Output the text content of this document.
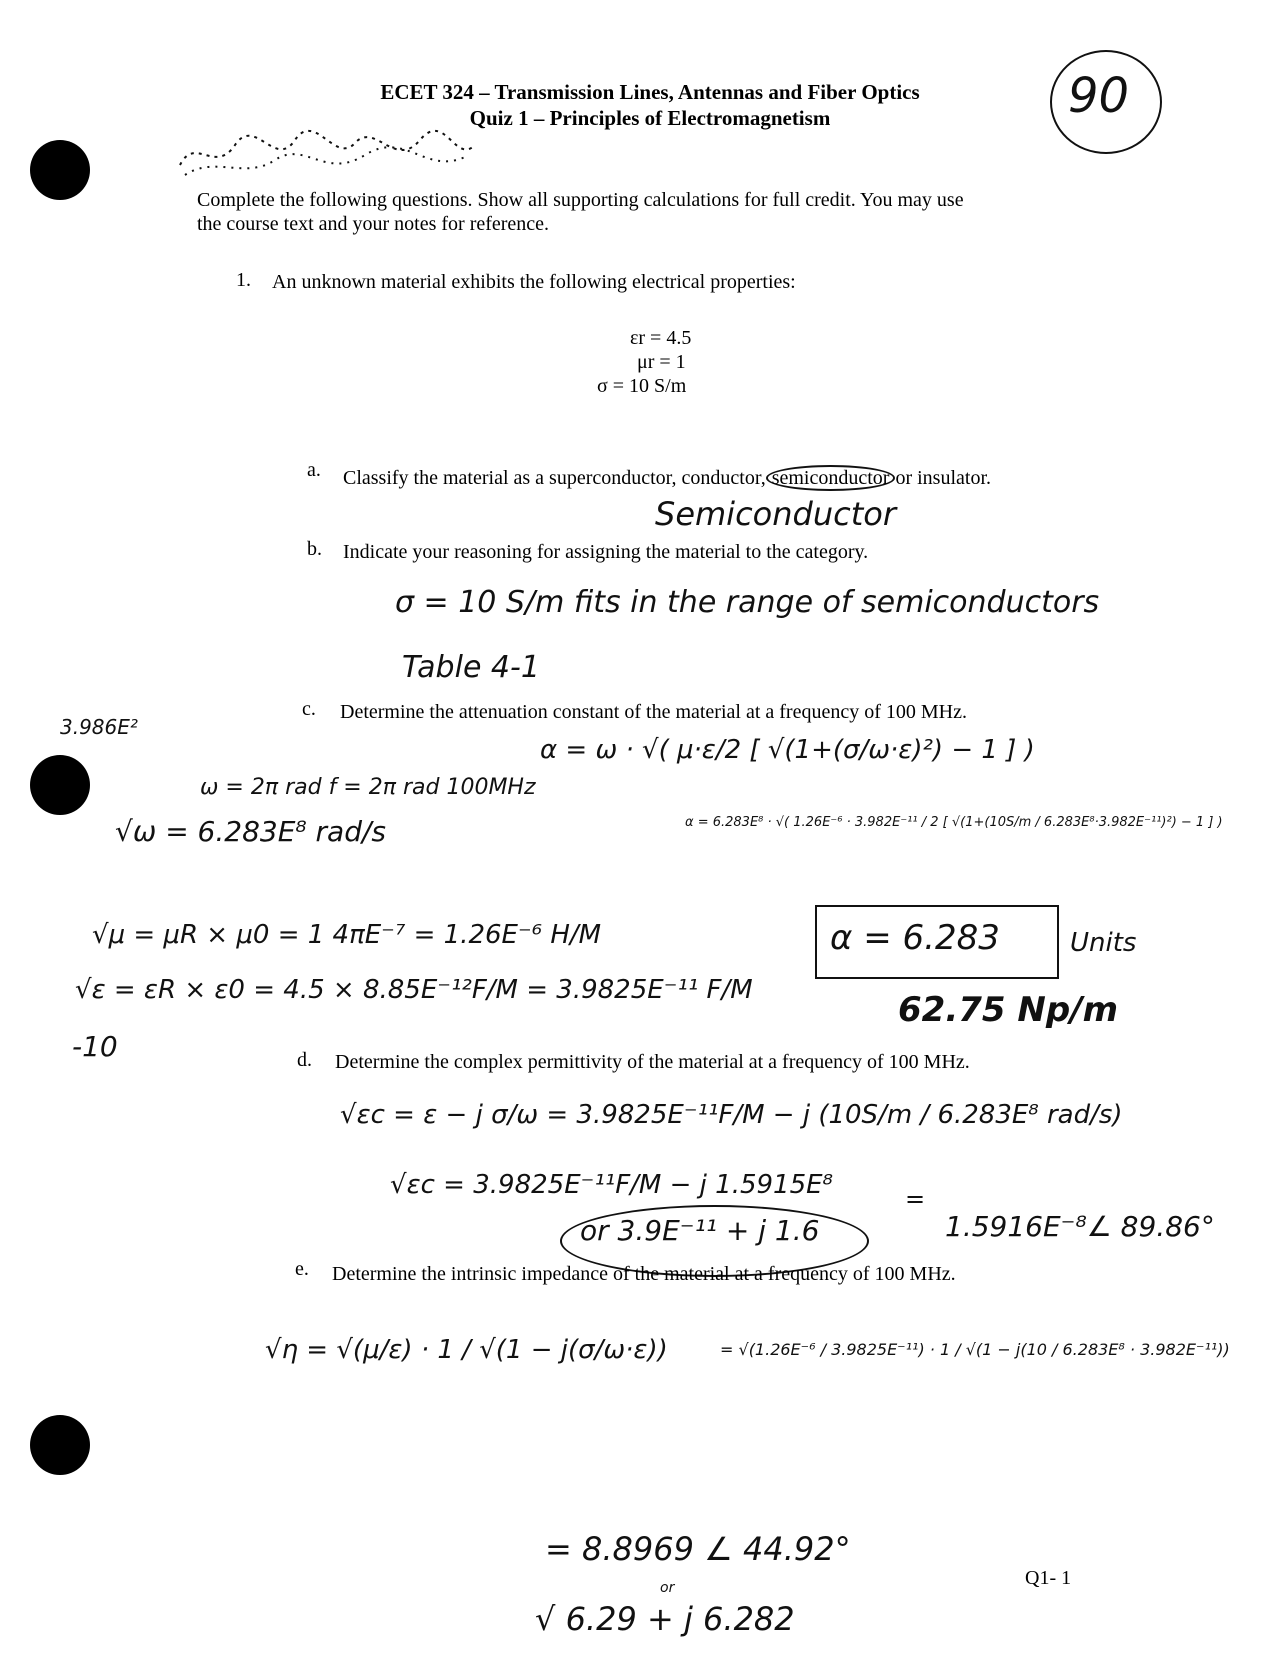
ECET 324 – Transmission Lines, Antennas and Fiber Optics
Quiz 1 – Principles of Electromagnetism	90
Complete the following questions. Show all supporting calculations for full credit. You may use
the course text and your notes for reference.
1. An unknown material exhibits the following electrical properties:
εr = 4.5
μr = 1
σ = 10 S/m
a. Classify the material as a superconductor, conductor, semiconductor or insulator.
Semiconductor
b. Indicate your reasoning for assigning the material to the category.
σ = 10 S/m fits in the range of semiconductors
Table 4-1
c. Determine the attenuation constant of the material at a frequency of 100 MHz.
3.986E²
α = ω · √( μ·ε/2 [ √(1+(σ/ω·ε)²) − 1 ] )
ω = 2π rad f = 2π rad 100MHz
√ω = 6.283E⁸ rad/s	α = 6.283E⁸ · √( 1.26E⁻⁶ · 3.982E⁻¹¹ / 2 [ √(1+(10S/m / 6.283E⁸·3.982E⁻¹¹)²) − 1 ] )
√μ = μR × μ0 = 1 4πE⁻⁷ = 1.26E⁻⁶ H/M
√ε = εR × ε0 = 4.5 × 8.85E⁻¹²F/M = 3.9825E⁻¹¹ F/M
α = 6.283	Units
62.75 Np/m
-10	d. Determine the complex permittivity of the material at a frequency of 100 MHz.
√εc = ε − j σ/ω = 3.9825E⁻¹¹F/M − j (10S/m / 6.283E⁸ rad/s)
√εc = 3.9825E⁻¹¹F/M − j 1.5915E⁸	=
1.5916E⁻⁸∠ 89.86°
or 3.9E⁻¹¹ + j 1.6
e. Determine the intrinsic impedance of the material at a frequency of 100 MHz.
√η = √(μ/ε) · 1 / √(1 − j(σ/ω·ε))	= √(1.26E⁻⁶ / 3.9825E⁻¹¹) · 1 / √(1 − j(10 / 6.283E⁸ · 3.982E⁻¹¹))
= 8.8969 ∠ 44.92°
or
√ 6.29 + j 6.282
Q1- 1
